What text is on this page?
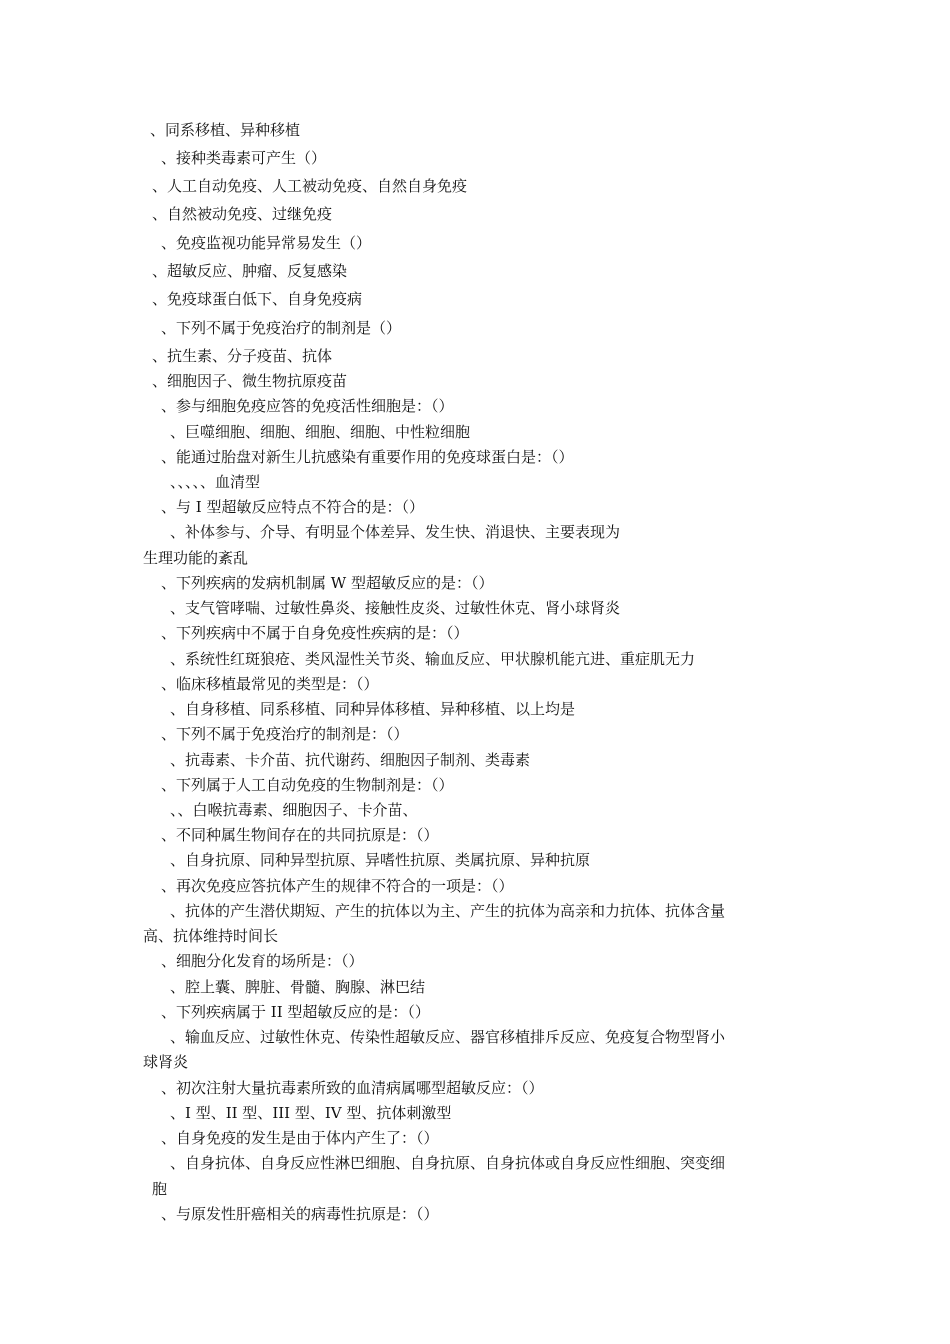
、同系移植、异种移植
、接种类毒素可产生（）
、人工自动免疫、人工被动免疫、自然自身免疫
、自然被动免疫、过继免疫
、免疫监视功能异常易发生（）
、超敏反应、肿瘤、反复感染
、免疫球蛋白低下、自身免疫病
、下列不属于免疫治疗的制剂是（）
、抗生素、分子疫苗、抗体
、细胞因子、微生物抗原疫苗
、参与细胞免疫应答的免疫活性细胞是：（）
、巨噬细胞、细胞、细胞、细胞、中性粒细胞
、能通过胎盘对新生儿抗感染有重要作用的免疫球蛋白是：（）
、、、、、血清型
、与 I 型超敏反应特点不符合的是：（）
、补体参与、介导、有明显个体差异、发生快、消退快、主要表现为
生理功能的紊乱
、下列疾病的发病机制属 W 型超敏反应的是：（）
、支气管哮喘、过敏性鼻炎、接触性皮炎、过敏性休克、肾小球肾炎
、下列疾病中不属于自身免疫性疾病的是：（）
、系统性红斑狼疮、类风湿性关节炎、输血反应、甲状腺机能亢进、重症肌无力
、临床移植最常见的类型是：（）
、自身移植、同系移植、同种异体移植、异种移植、以上均是
、下列不属于免疫治疗的制剂是：（）
、抗毒素、卡介苗、抗代谢药、细胞因子制剂、类毒素
、下列属于人工自动免疫的生物制剂是：（）
、、白喉抗毒素、细胞因子、卡介苗、
、不同种属生物间存在的共同抗原是：（）
、自身抗原、同种异型抗原、异嗜性抗原、类属抗原、异种抗原
、再次免疫应答抗体产生的规律不符合的一项是：（）
、抗体的产生潜伏期短、产生的抗体以为主、产生的抗体为高亲和力抗体、抗体含量
高、抗体维持时间长
、细胞分化发育的场所是：（）
、腔上囊、脾脏、骨髓、胸腺、淋巴结
、下列疾病属于 II 型超敏反应的是：（）
、输血反应、过敏性休克、传染性超敏反应、器官移植排斥反应、免疫复合物型肾小
球肾炎
、初次注射大量抗毒素所致的血清病属哪型超敏反应：（）
、I 型、II 型、III 型、IV 型、抗体刺激型
、自身免疫的发生是由于体内产生了：（）
、自身抗体、自身反应性淋巴细胞、自身抗原、自身抗体或自身反应性细胞、突变细
胞
、与原发性肝癌相关的病毒性抗原是：（）
